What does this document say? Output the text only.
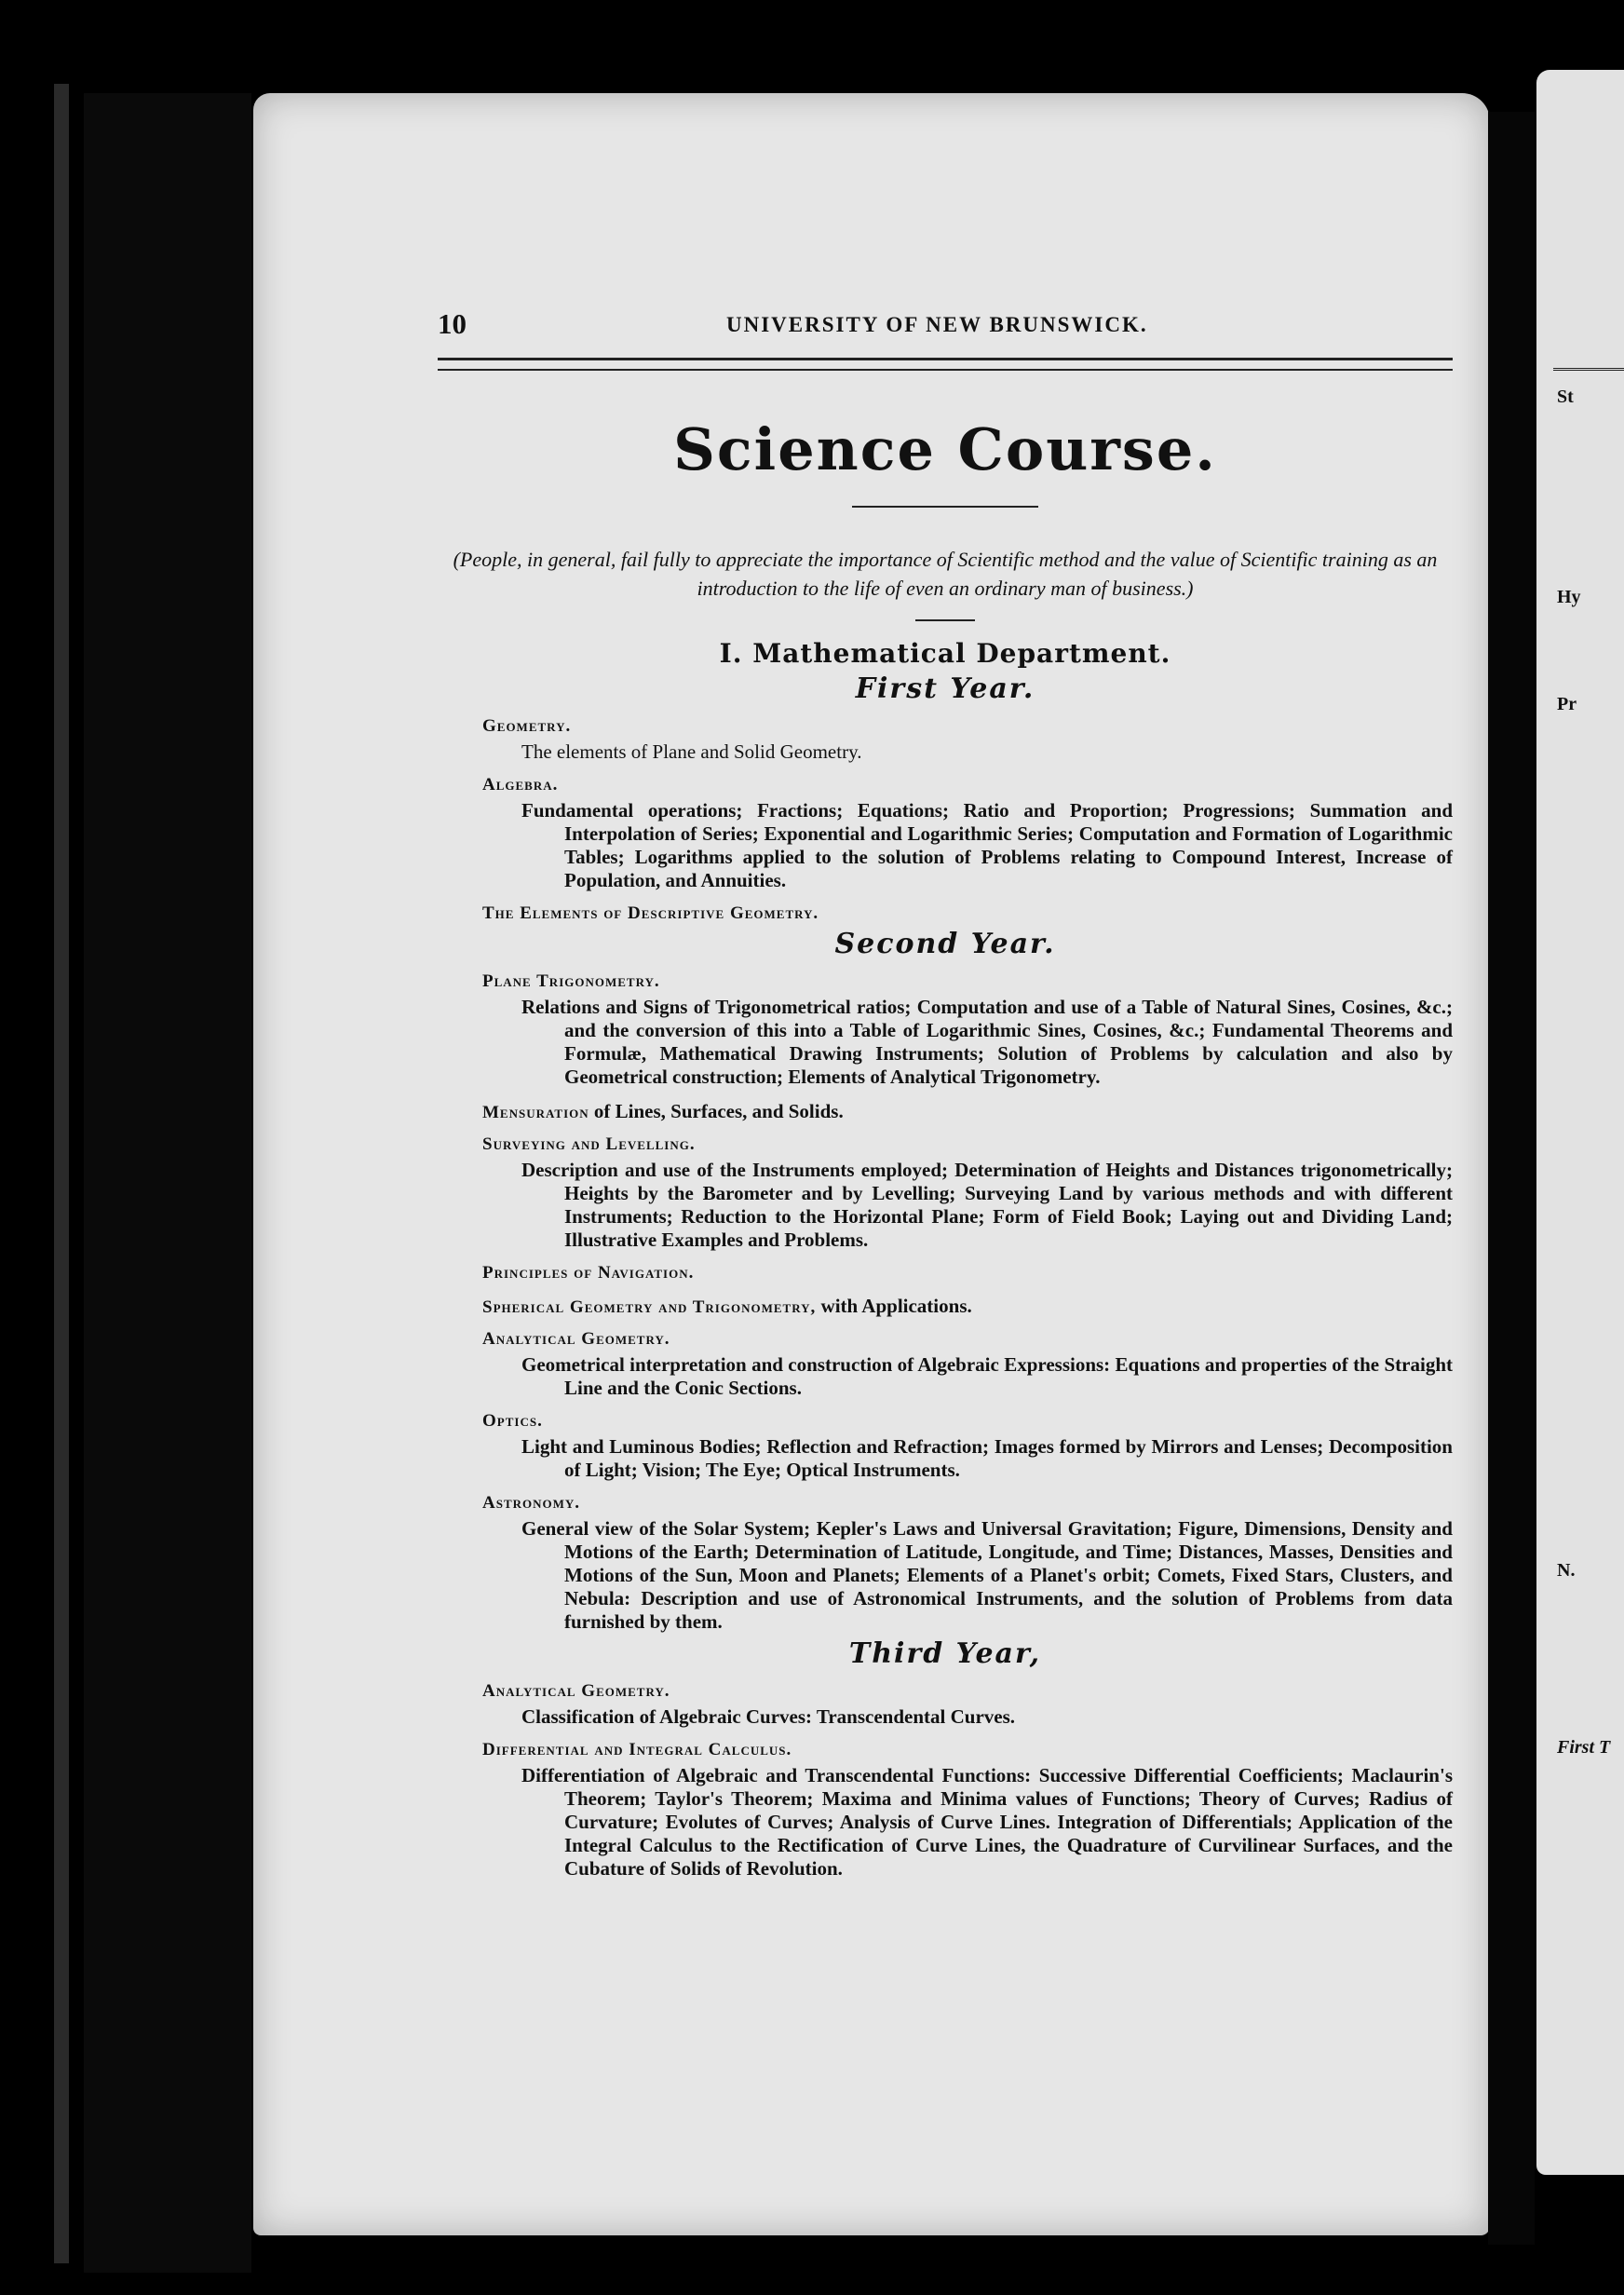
St
Hy
Pr
N.
First T
10	UNIVERSITY OF NEW BRUNSWICK.
Science Course.
(People, in general, fail fully to appreciate the importance of Scientific method and the value of Scientific training as an introduction to the life of even an ordinary man of business.)
I. Mathematical Department.
First Year.
Geometry.
The elements of Plane and Solid Geometry.
Algebra.
Fundamental operations; Fractions; Equations; Ratio and Proportion; Progressions; Summation and Interpolation of Series; Exponential and Logarithmic Series; Computation and Formation of Logarithmic Tables; Logarithms applied to the solution of Problems relating to Compound Interest, Increase of Population, and Annuities.
The Elements of Descriptive Geometry.
Second Year.
Plane Trigonometry.
Relations and Signs of Trigonometrical ratios; Computation and use of a Table of Natural Sines, Cosines, &c.; and the conversion of this into a Table of Logarithmic Sines, Cosines, &c.; Fundamental Theorems and Formulæ, Mathematical Drawing Instruments; Solution of Problems by calculation and also by Geometrical construction; Elements of Analytical Trigonometry.
Mensuration of Lines, Surfaces, and Solids.
Surveying and Levelling.
Description and use of the Instruments employed; Determination of Heights and Distances trigonometrically; Heights by the Barometer and by Levelling; Surveying Land by various methods and with different Instruments; Reduction to the Horizontal Plane; Form of Field Book; Laying out and Dividing Land; Illustrative Examples and Problems.
Principles of Navigation.
Spherical Geometry and Trigonometry, with Applications.
Analytical Geometry.
Geometrical interpretation and construction of Algebraic Expressions: Equations and properties of the Straight Line and the Conic Sections.
Optics.
Light and Luminous Bodies; Reflection and Refraction; Images formed by Mirrors and Lenses; Decomposition of Light; Vision; The Eye; Optical Instruments.
Astronomy.
General view of the Solar System; Kepler's Laws and Universal Gravitation; Figure, Dimensions, Density and Motions of the Earth; Determination of Latitude, Longitude, and Time; Distances, Masses, Densities and Motions of the Sun, Moon and Planets; Elements of a Planet's orbit; Comets, Fixed Stars, Clusters, and Nebula: Description and use of Astronomical Instruments, and the solution of Problems from data furnished by them.
Third Year,
Analytical Geometry.
Classification of Algebraic Curves: Transcendental Curves.
Differential and Integral Calculus.
Differentiation of Algebraic and Transcendental Functions: Successive Differential Coefficients; Maclaurin's Theorem; Taylor's Theorem; Maxima and Minima values of Functions; Theory of Curves; Radius of Curvature; Evolutes of Curves; Analysis of Curve Lines. Integration of Differentials; Application of the Integral Calculus to the Rectification of Curve Lines, the Quadrature of Curvilinear Surfaces, and the Cubature of Solids of Revolution.
